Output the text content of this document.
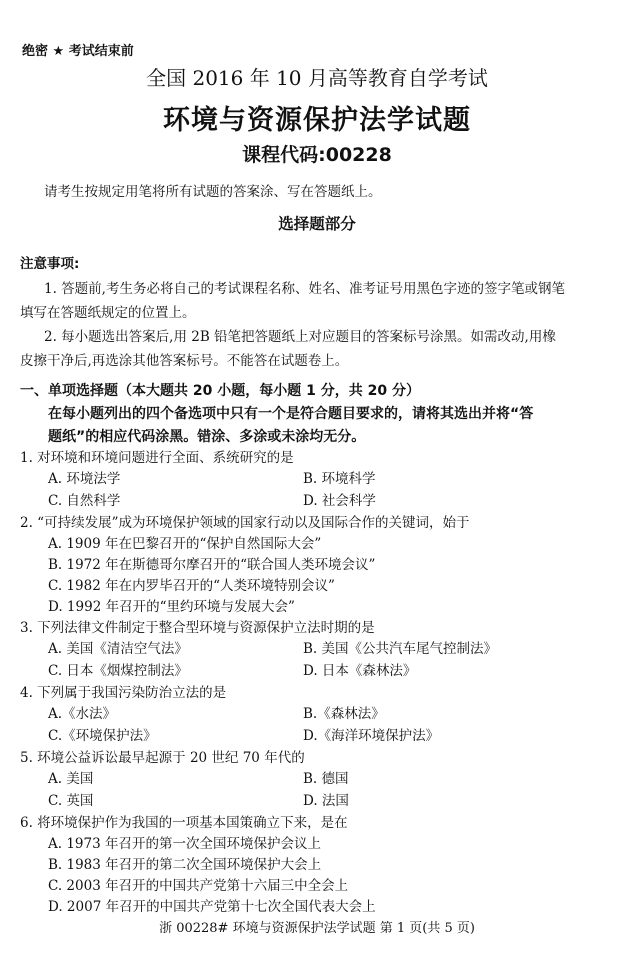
绝密 ★ 考试结束前
全国 2016 年 10 月高等教育自学考试
环境与资源保护法学试题
课程代码:00228
请考生按规定用笔将所有试题的答案涂、写在答题纸上。
选择题部分
注意事项:
1. 答题前,考生务必将自己的考试课程名称、姓名、准考证号用黑色字迹的签字笔或钢笔
填写在答题纸规定的位置上。
2. 每小题选出答案后,用 2B 铅笔把答题纸上对应题目的答案标号涂黑。如需改动,用橡
皮擦干净后,再选涂其他答案标号。不能答在试题卷上。
一、单项选择题（本大题共 20 小题，每小题 1 分，共 20 分）
在每小题列出的四个备选项中只有一个是符合题目要求的，请将其选出并将“答
题纸”的相应代码涂黑。错涂、多涂或未涂均无分。
1. 对环境和环境问题进行全面、系统研究的是
A. 环境法学	B. 环境科学
C. 自然科学	D. 社会科学
2. “可持续发展”成为环境保护领域的国家行动以及国际合作的关键词，始于
A. 1909 年在巴黎召开的“保护自然国际大会”
B. 1972 年在斯德哥尔摩召开的“联合国人类环境会议”
C. 1982 年在内罗毕召开的“人类环境特别会议”
D. 1992 年召开的“里约环境与发展大会”
3. 下列法律文件制定于整合型环境与资源保护立法时期的是
A. 美国《清洁空气法》	B. 美国《公共汽车尾气控制法》
C. 日本《烟煤控制法》	D. 日本《森林法》
4. 下列属于我国污染防治立法的是
A.《水法》	B.《森林法》
C.《环境保护法》	D.《海洋环境保护法》
5. 环境公益诉讼最早起源于 20 世纪 70 年代的
A. 美国	B. 德国
C. 英国	D. 法国
6. 将环境保护作为我国的一项基本国策确立下来，是在
A. 1973 年召开的第一次全国环境保护会议上
B. 1983 年召开的第二次全国环境保护大会上
C. 2003 年召开的中国共产党第十六届三中全会上
D. 2007 年召开的中国共产党第十七次全国代表大会上
浙 00228# 环境与资源保护法学试题 第 1 页(共 5 页)
